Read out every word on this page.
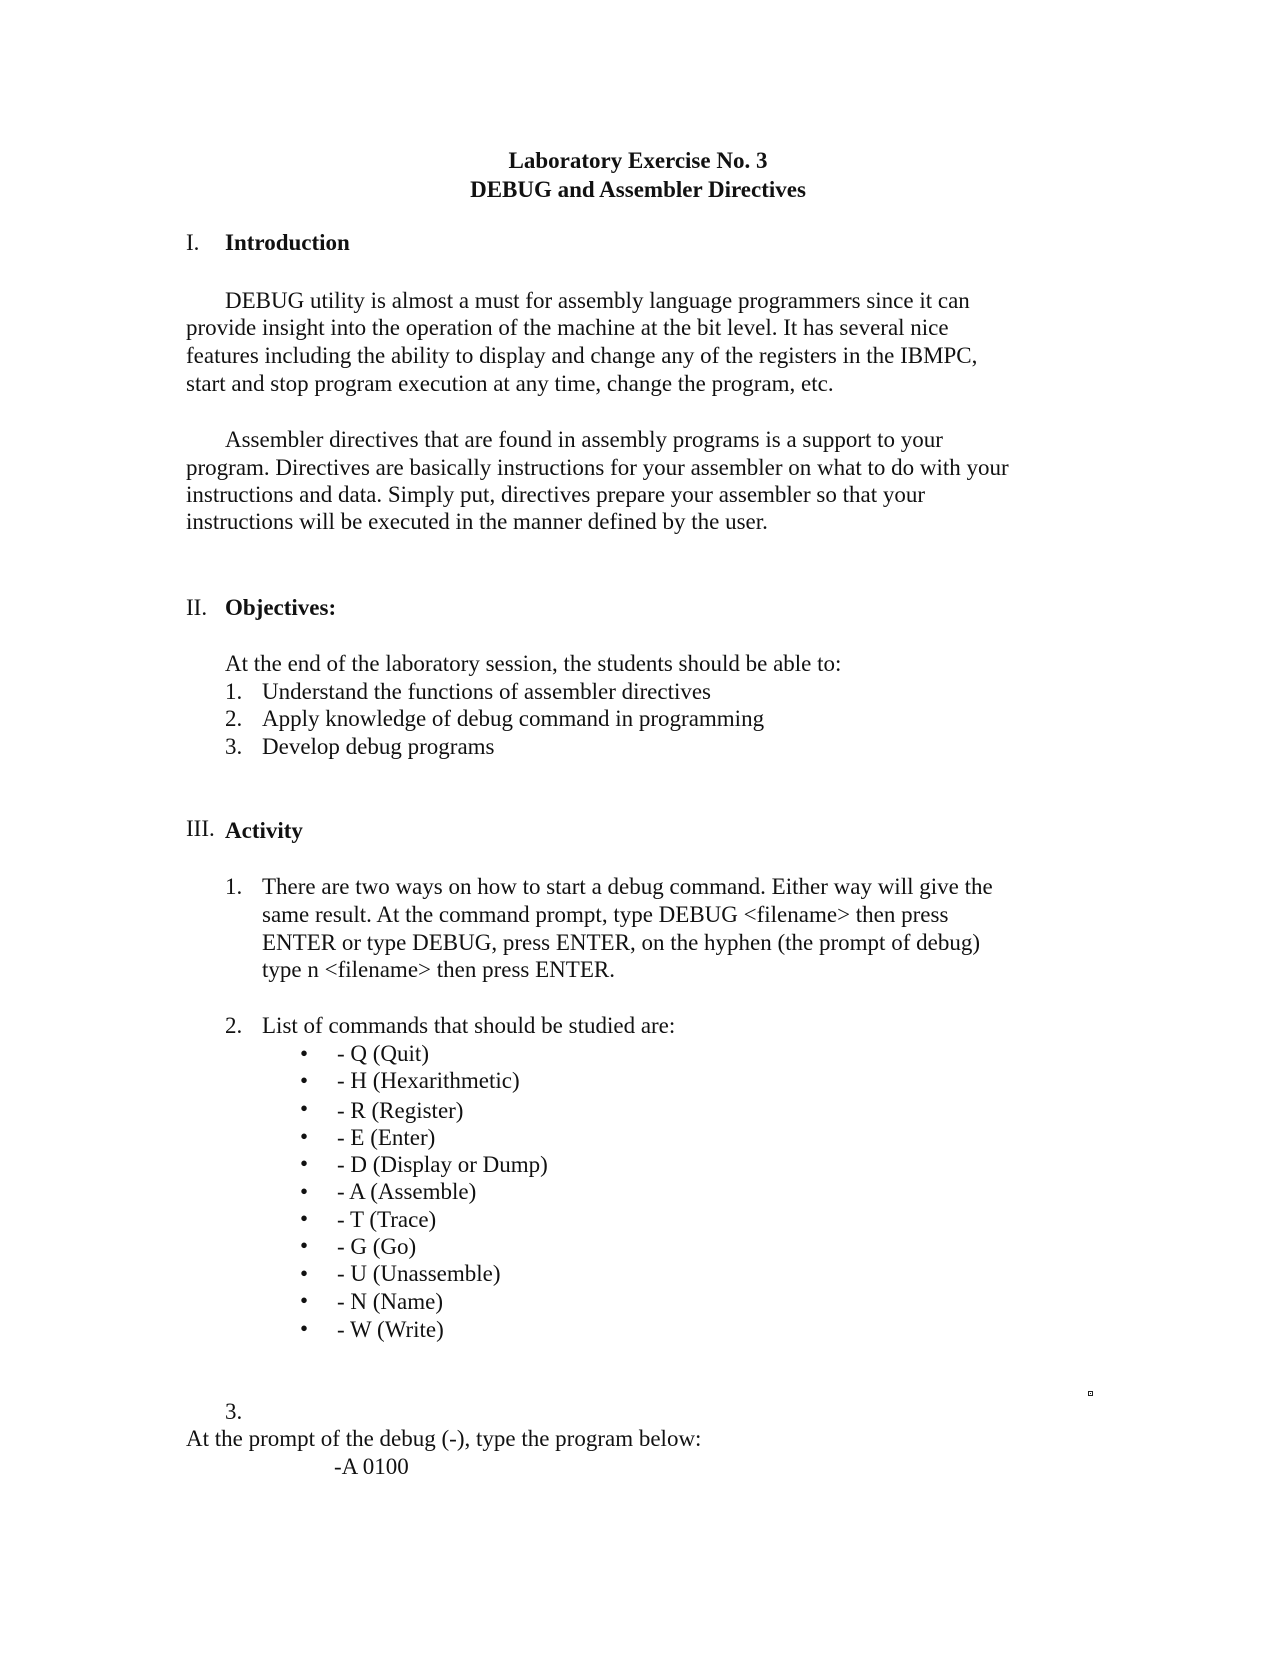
Laboratory Exercise No. 3
DEBUG and Assembler Directives
I. Introduction
DEBUG utility is almost a must for assembly language programmers since it can
provide insight into the operation of the machine at the bit level. It has several nice
features including the ability to display and change any of the registers in the IBMPC,
start and stop program execution at any time, change the program, etc.
Assembler directives that are found in assembly programs is a support to your
program. Directives are basically instructions for your assembler on what to do with your
instructions and data. Simply put, directives prepare your assembler so that your
instructions will be executed in the manner defined by the user.
II. Objectives:
At the end of the laboratory session, the students should be able to:
1. Understand the functions of assembler directives
2. Apply knowledge of debug command in programming
3. Develop debug programs
III. Activity
1. There are two ways on how to start a debug command. Either way will give the
same result. At the command prompt, type DEBUG <filename> then press
ENTER or type DEBUG, press ENTER, on the hyphen (the prompt of debug)
type n <filename> then press ENTER.
2. List of commands that should be studied are:
•	- Q (Quit)
•	- H (Hexarithmetic)
•	- R (Register)
•	- E (Enter)
•	- D (Display or Dump)
•	- A (Assemble)
•	- T (Trace)
•	- G (Go)
•	- U (Unassemble)
•	- N (Name)
•	- W (Write)
3.
At the prompt of the debug (-), type the program below:
-A 0100
